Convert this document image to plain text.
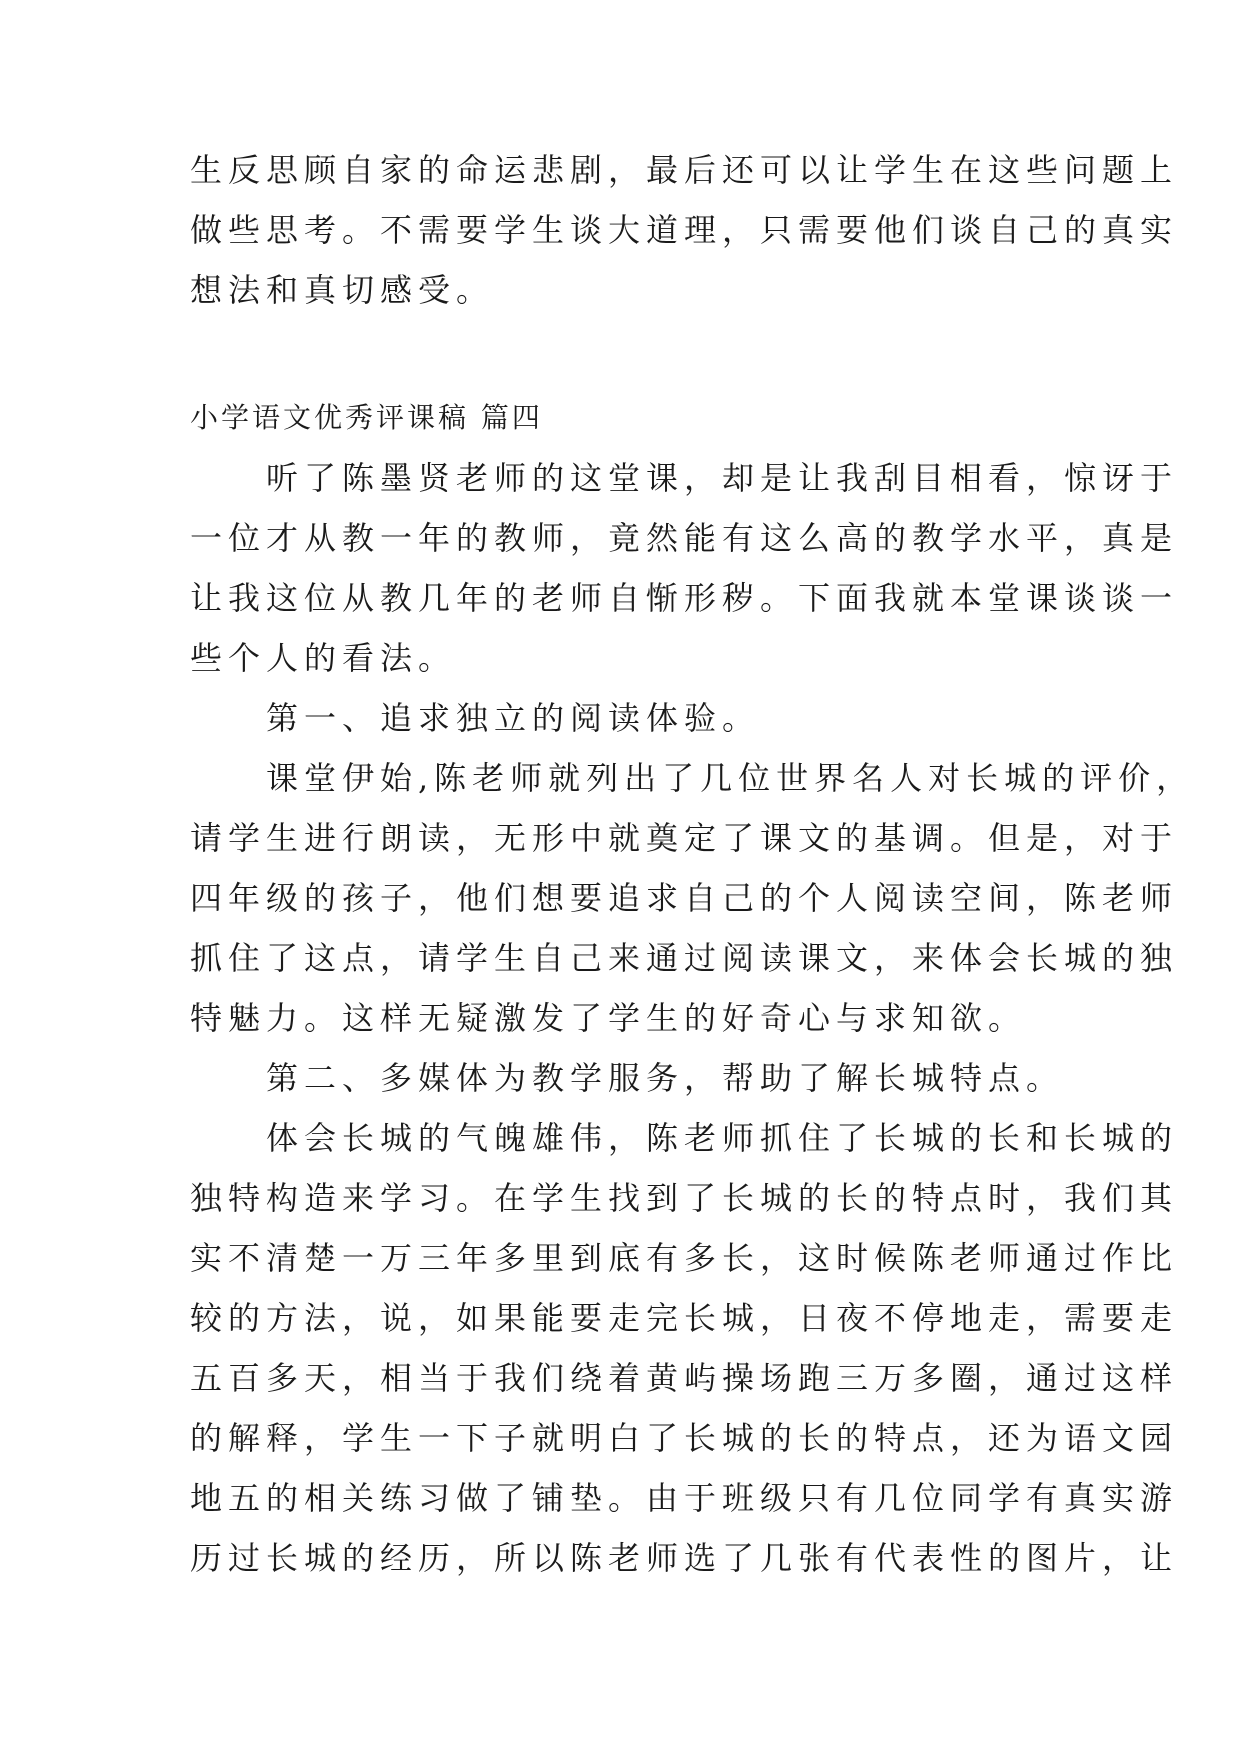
生反思顾自家的命运悲剧，最后还可以让学生在这些问题上
做些思考。不需要学生谈大道理，只需要他们谈自己的真实
想法和真切感受。
小学语文优秀评课稿 篇四
　　听了陈墨贤老师的这堂课，却是让我刮目相看，惊讶于
一位才从教一年的教师，竟然能有这么高的教学水平，真是
让我这位从教几年的老师自惭形秽。下面我就本堂课谈谈一
些个人的看法。
　　第一、追求独立的阅读体验。
　　课堂伊始,陈老师就列出了几位世界名人对长城的评价，
请学生进行朗读，无形中就奠定了课文的基调。但是，对于
四年级的孩子，他们想要追求自己的个人阅读空间，陈老师
抓住了这点，请学生自己来通过阅读课文，来体会长城的独
特魅力。这样无疑激发了学生的好奇心与求知欲。
　　第二、多媒体为教学服务，帮助了解长城特点。
　　体会长城的气魄雄伟，陈老师抓住了长城的长和长城的
独特构造来学习。在学生找到了长城的长的特点时，我们其
实不清楚一万三年多里到底有多长，这时候陈老师通过作比
较的方法，说，如果能要走完长城，日夜不停地走，需要走
五百多天，相当于我们绕着黄屿操场跑三万多圈，通过这样
的解释，学生一下子就明白了长城的长的特点，还为语文园
地五的相关练习做了铺垫。由于班级只有几位同学有真实游
历过长城的经历，所以陈老师选了几张有代表性的图片，让
